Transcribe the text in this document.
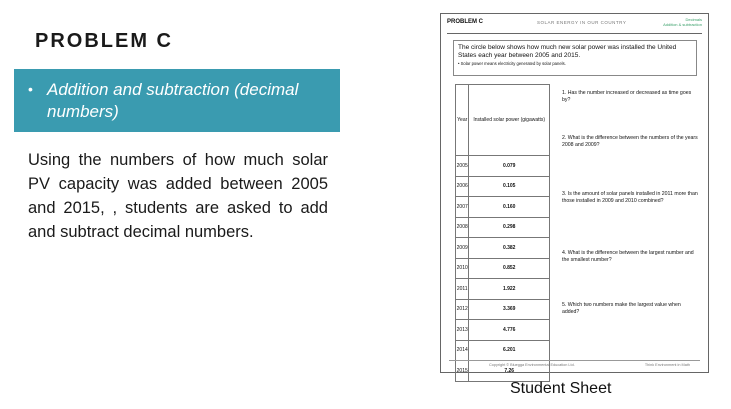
PROBLEM C
• Addition and subtraction (decimal numbers)
Using the numbers of how much solar PV capacity was added between 2005 and 2015, , students are asked to add and subtract decimal numbers.
PROBLEM C	SOLAR ENERGY IN OUR COUNTRY
Decimals
Addition & subtraction
The circle below shows how much new solar power was installed the United States each year between 2005 and 2015.
• Solar power means electricity generated by solar panels.
Year	Installed solar power (gigawatts)
2005	0.079
2006	0.105
2007	0.160
2008	0.298
2009	0.382
2010	0.852
2011	1.922
2012	3.369
2013	4.776
2014	6.201
2015	7.26
1. Has the number increased or decreased as time goes by?
2. What is the difference between the numbers of the years 2008 and 2009?
3. Is the amount of solar panels installed in 2011 more than those installed in 2009 and 2010 combined?
4. What is the difference between the largest number and the smallest number?
5. Which two numbers make the largest value when added?
Copyright © Bluegga Environmental Education Ltd.	Think Environment in Math
Student Sheet
